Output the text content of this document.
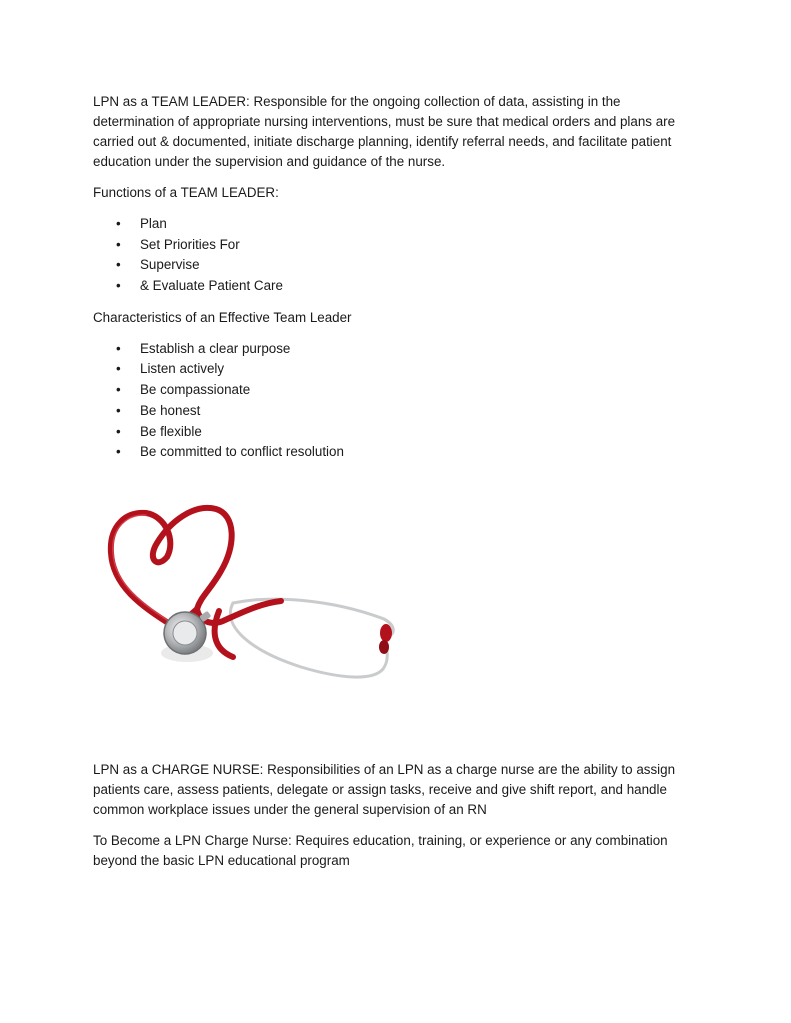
LPN as a TEAM LEADER: Responsible for the ongoing collection of data, assisting in the determination of appropriate nursing interventions, must be sure that medical orders and plans are carried out & documented, initiate discharge planning, identify referral needs, and facilitate patient education under the supervision and guidance of the nurse.

Functions of a TEAM LEADER:

• Plan
• Set Priorities For
• Supervise
• & Evaluate Patient Care

Characteristics of an Effective Team Leader

• Establish a clear purpose
• Listen actively
• Be compassionate
• Be honest
• Be flexible
• Be committed to conflict resolution

LPN as a CHARGE NURSE: Responsibilities of an LPN as a charge nurse are the ability to assign patients care, assess patients, delegate or assign tasks, receive and give shift report, and handle common workplace issues under the general supervision of an RN

To Become a LPN Charge Nurse: Requires education, training, or experience or any combination beyond the basic LPN educational program
